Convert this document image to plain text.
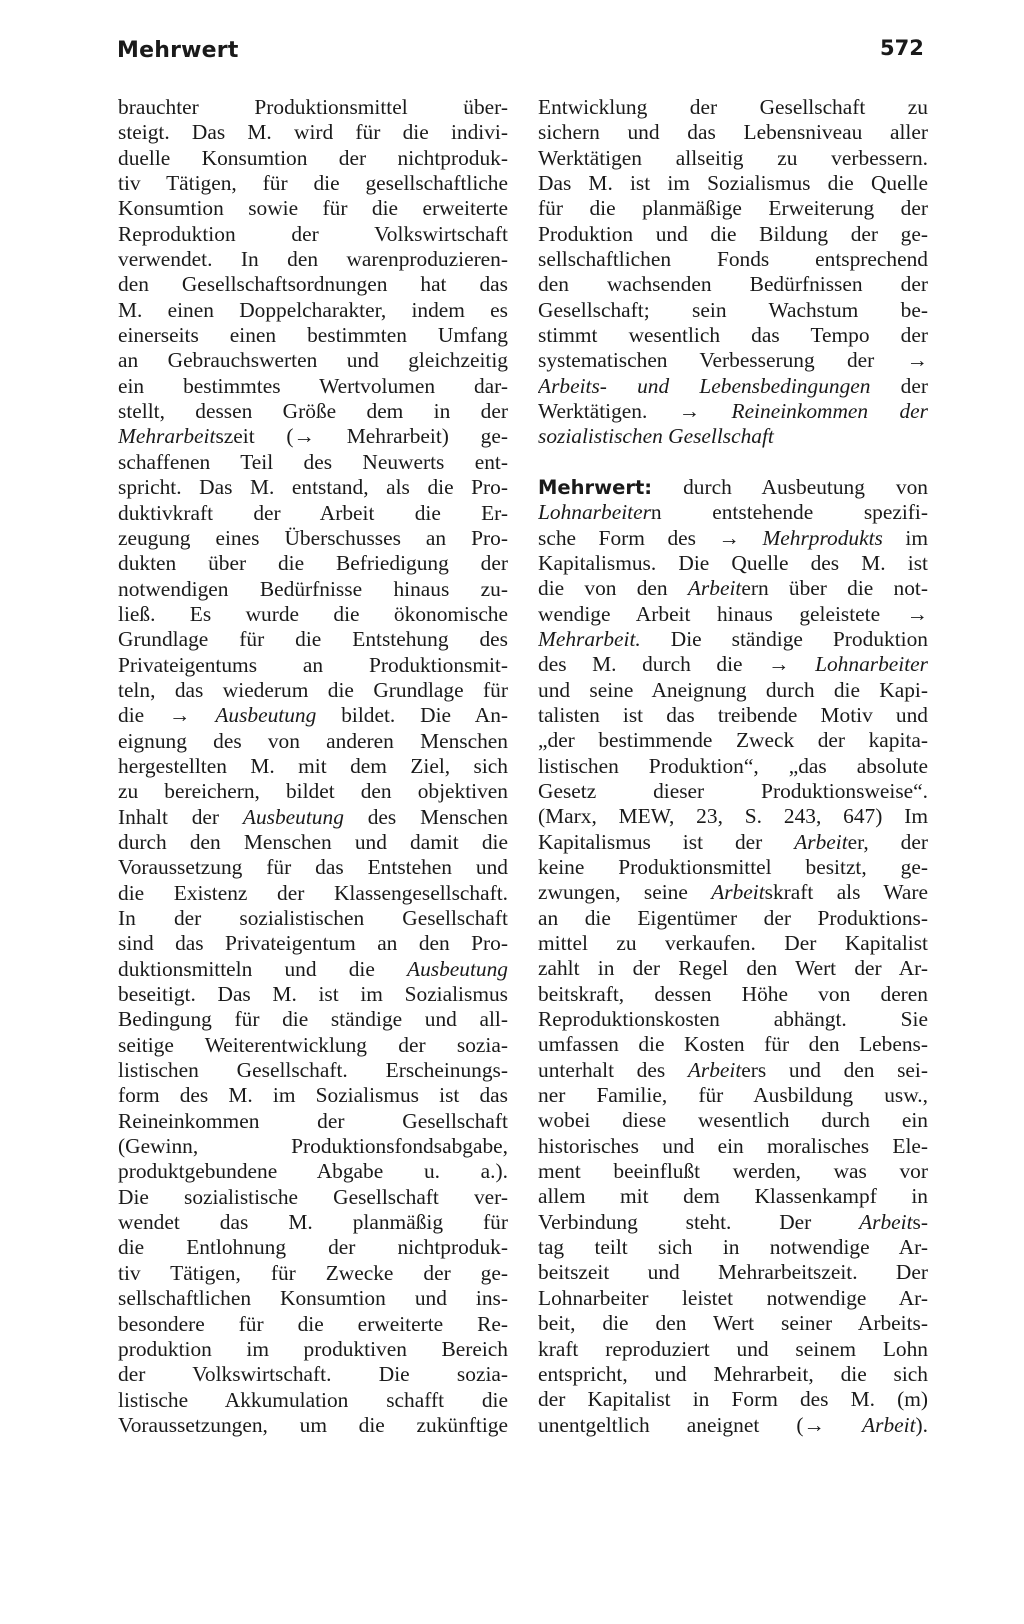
Mehrwert	572
brauchter Produktionsmittel über-
steigt. Das M. wird für die indivi-
duelle Konsumtion der nichtproduk-
tiv Tätigen, für die gesellschaftliche
Konsumtion sowie für die erweiterte
Reproduktion der Volkswirtschaft
verwendet. In den warenproduzieren-
den Gesellschaftsordnungen hat das
M. einen Doppelcharakter, indem es
einerseits einen bestimmten Umfang
an Gebrauchswerten und gleichzeitig
ein bestimmtes Wertvolumen dar-
stellt, dessen Größe dem in der
Mehrarbeitszeit (→ Mehrarbeit) ge-
schaffenen Teil des Neuwerts ent-
spricht. Das M. entstand, als die Pro-
duktivkraft der Arbeit die Er-
zeugung eines Überschusses an Pro-
dukten über die Befriedigung der
notwendigen Bedürfnisse hinaus zu-
ließ. Es wurde die ökonomische
Grundlage für die Entstehung des
Privateigentums an Produktionsmit-
teln, das wiederum die Grundlage für
die → Ausbeutung bildet. Die An-
eignung des von anderen Menschen
hergestellten M. mit dem Ziel, sich
zu bereichern, bildet den objektiven
Inhalt der Ausbeutung des Menschen
durch den Menschen und damit die
Voraussetzung für das Entstehen und
die Existenz der Klassengesellschaft.
In der sozialistischen Gesellschaft
sind das Privateigentum an den Pro-
duktionsmitteln und die Ausbeutung
beseitigt. Das M. ist im Sozialismus
Bedingung für die ständige und all-
seitige Weiterentwicklung der sozia-
listischen Gesellschaft. Erscheinungs-
form des M. im Sozialismus ist das
Reineinkommen der Gesellschaft
(Gewinn, Produktionsfondsabgabe,
produktgebundene Abgabe u. a.).
Die sozialistische Gesellschaft ver-
wendet das M. planmäßig für
die Entlohnung der nichtproduk-
tiv Tätigen, für Zwecke der ge-
sellschaftlichen Konsumtion und ins-
besondere für die erweiterte Re-
produktion im produktiven Bereich
der Volkswirtschaft. Die sozia-
listische Akkumulation schafft die
Voraussetzungen, um die zukünftige
Entwicklung der Gesellschaft zu
sichern und das Lebensniveau aller
Werktätigen allseitig zu verbessern.
Das M. ist im Sozialismus die Quelle
für die planmäßige Erweiterung der
Produktion und die Bildung der ge-
sellschaftlichen Fonds entsprechend
den wachsenden Bedürfnissen der
Gesellschaft; sein Wachstum be-
stimmt wesentlich das Tempo der
systematischen Verbesserung der →
Arbeits- und Lebensbedingungen der
Werktätigen. → Reineinkommen der
sozialistischen Gesellschaft
Mehrwert: durch Ausbeutung von
Lohnarbeitern entstehende spezifi-
sche Form des → Mehrprodukts im
Kapitalismus. Die Quelle des M. ist
die von den Arbeitern über die not-
wendige Arbeit hinaus geleistete →
Mehrarbeit. Die ständige Produktion
des M. durch die → Lohnarbeiter
und seine Aneignung durch die Kapi-
talisten ist das treibende Motiv und
„der bestimmende Zweck der kapita-
listischen Produktion“, „das absolute
Gesetz dieser Produktionsweise“.
(Marx, MEW, 23, S. 243, 647) Im
Kapitalismus ist der Arbeiter, der
keine Produktionsmittel besitzt, ge-
zwungen, seine Arbeitskraft als Ware
an die Eigentümer der Produktions-
mittel zu verkaufen. Der Kapitalist
zahlt in der Regel den Wert der Ar-
beitskraft, dessen Höhe von deren
Reproduktionskosten abhängt. Sie
umfassen die Kosten für den Lebens-
unterhalt des Arbeiters und den sei-
ner Familie, für Ausbildung usw.,
wobei diese wesentlich durch ein
historisches und ein moralisches Ele-
ment beeinflußt werden, was vor
allem mit dem Klassenkampf in
Verbindung steht. Der Arbeits-
tag teilt sich in notwendige Ar-
beitszeit und Mehrarbeitszeit. Der
Lohnarbeiter leistet notwendige Ar-
beit, die den Wert seiner Arbeits-
kraft reproduziert und seinem Lohn
entspricht, und Mehrarbeit, die sich
der Kapitalist in Form des M. (m)
unentgeltlich aneignet (→ Arbeit).
